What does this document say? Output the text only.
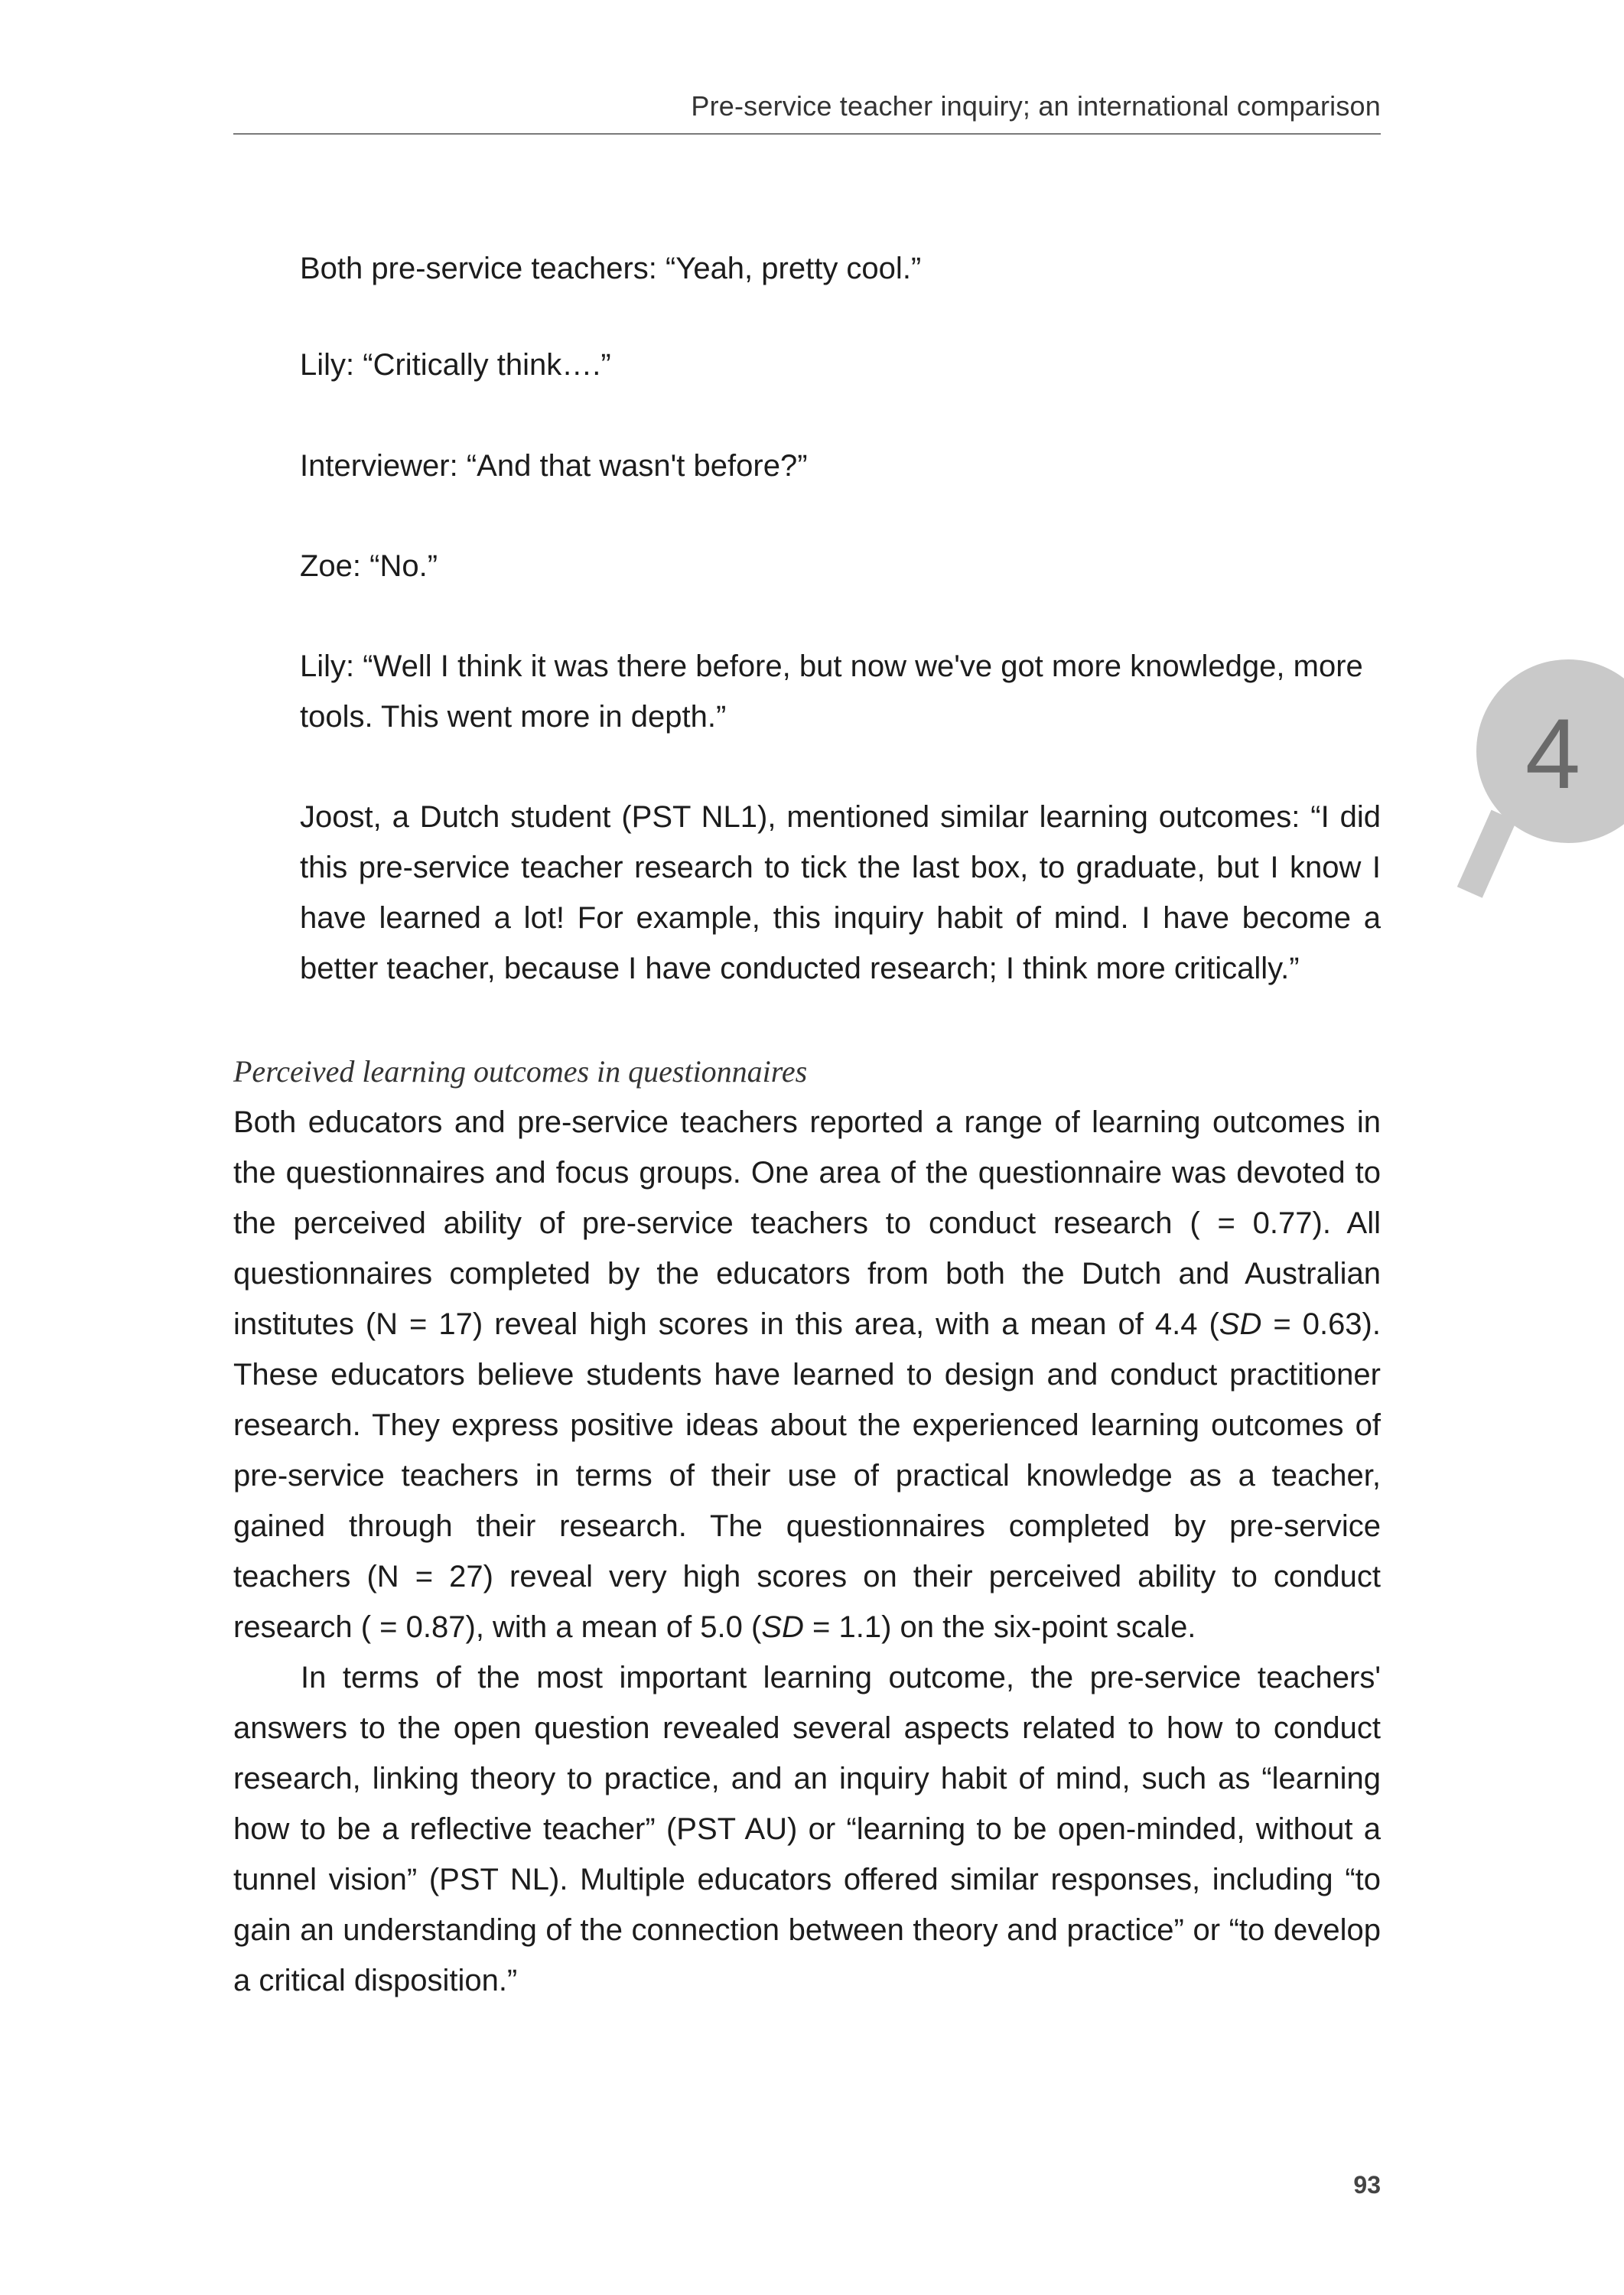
Pre-service teacher inquiry; an international comparison

Both pre-service teachers: “Yeah, pretty cool.”

Lily: “Critically think….”

Interviewer: “And that wasn't before?”

Zoe: “No.”

Lily: “Well I think it was there before, but now we've got more knowledge, more tools. This went more in depth.”

Joost, a Dutch student (PST NL1), mentioned similar learning outcomes: “I did this pre-service teacher research to tick the last box, to graduate, but I know I have learned a lot! For example, this inquiry habit of mind. I have become a better teacher, because I have conducted research; I think more critically.”

Perceived learning outcomes in questionnaires

Both educators and pre-service teachers reported a range of learning outcomes in the questionnaires and focus groups. One area of the questionnaire was devoted to the perceived ability of pre-service teachers to conduct research ( = 0.77). All questionnaires completed by the educators from both the Dutch and Australian institutes (N = 17) reveal high scores in this area, with a mean of 4.4 (SD = 0.63). These educators believe students have learned to design and conduct practitioner research. They express positive ideas about the experienced learning outcomes of pre-service teachers in terms of their use of practical knowledge as a teacher, gained through their research. The questionnaires completed by pre-service teachers (N = 27) reveal very high scores on their perceived ability to conduct research ( = 0.87), with a mean of 5.0 (SD = 1.1) on the six-point scale.

In terms of the most important learning outcome, the pre-service teachers' answers to the open question revealed several aspects related to how to conduct research, linking theory to practice, and an inquiry habit of mind, such as “learning how to be a reflective teacher” (PST AU) or “learning to be open-minded, without a tunnel vision” (PST NL). Multiple educators offered similar responses, including “to gain an understanding of the connection between theory and practice” or “to develop a critical disposition.”

4
93
